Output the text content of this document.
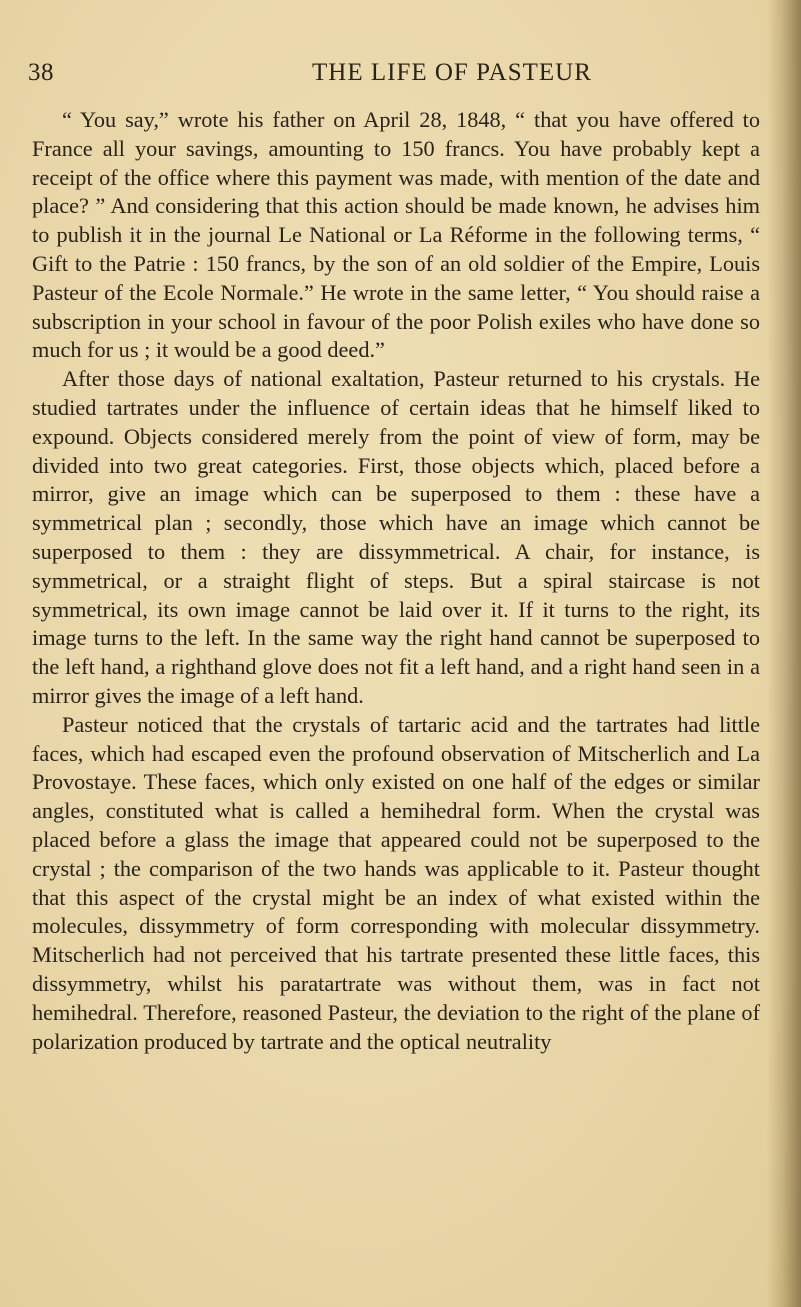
38	THE LIFE OF PASTEUR

“ You say,” wrote his father on April 28, 1848, “ that you have offered to France all your savings, amounting to 150 francs. You have probably kept a receipt of the office where this payment was made, with mention of the date and place? ” And considering that this action should be made known, he advises him to publish it in the journal Le National or La Réforme in the following terms, “ Gift to the Patrie : 150 francs, by the son of an old soldier of the Empire, Louis Pasteur of the Ecole Normale.” He wrote in the same letter, “ You should raise a subscription in your school in favour of the poor Polish exiles who have done so much for us ; it would be a good deed.”

After those days of national exaltation, Pasteur returned to his crystals. He studied tartrates under the influence of certain ideas that he himself liked to expound. Objects considered merely from the point of view of form, may be divided into two great categories. First, those objects which, placed before a mirror, give an image which can be superposed to them : these have a symmetrical plan ; secondly, those which have an image which cannot be superposed to them : they are dissymmetrical. A chair, for instance, is symmetrical, or a straight flight of steps. But a spiral staircase is not symmetrical, its own image cannot be laid over it. If it turns to the right, its image turns to the left. In the same way the right hand cannot be superposed to the left hand, a righthand glove does not fit a left hand, and a right hand seen in a mirror gives the image of a left hand.

Pasteur noticed that the crystals of tartaric acid and the tartrates had little faces, which had escaped even the profound observation of Mitscherlich and La Provostaye. These faces, which only existed on one half of the edges or similar angles, constituted what is called a hemihedral form. When the crystal was placed before a glass the image that appeared could not be superposed to the crystal ; the comparison of the two hands was applicable to it. Pasteur thought that this aspect of the crystal might be an index of what existed within the molecules, dissymmetry of form corresponding with molecular dissymmetry. Mitscherlich had not perceived that his tartrate presented these little faces, this dissymmetry, whilst his paratartrate was without them, was in fact not hemihedral. Therefore, reasoned Pasteur, the deviation to the right of the plane of polarization produced by tartrate and the optical neutrality
